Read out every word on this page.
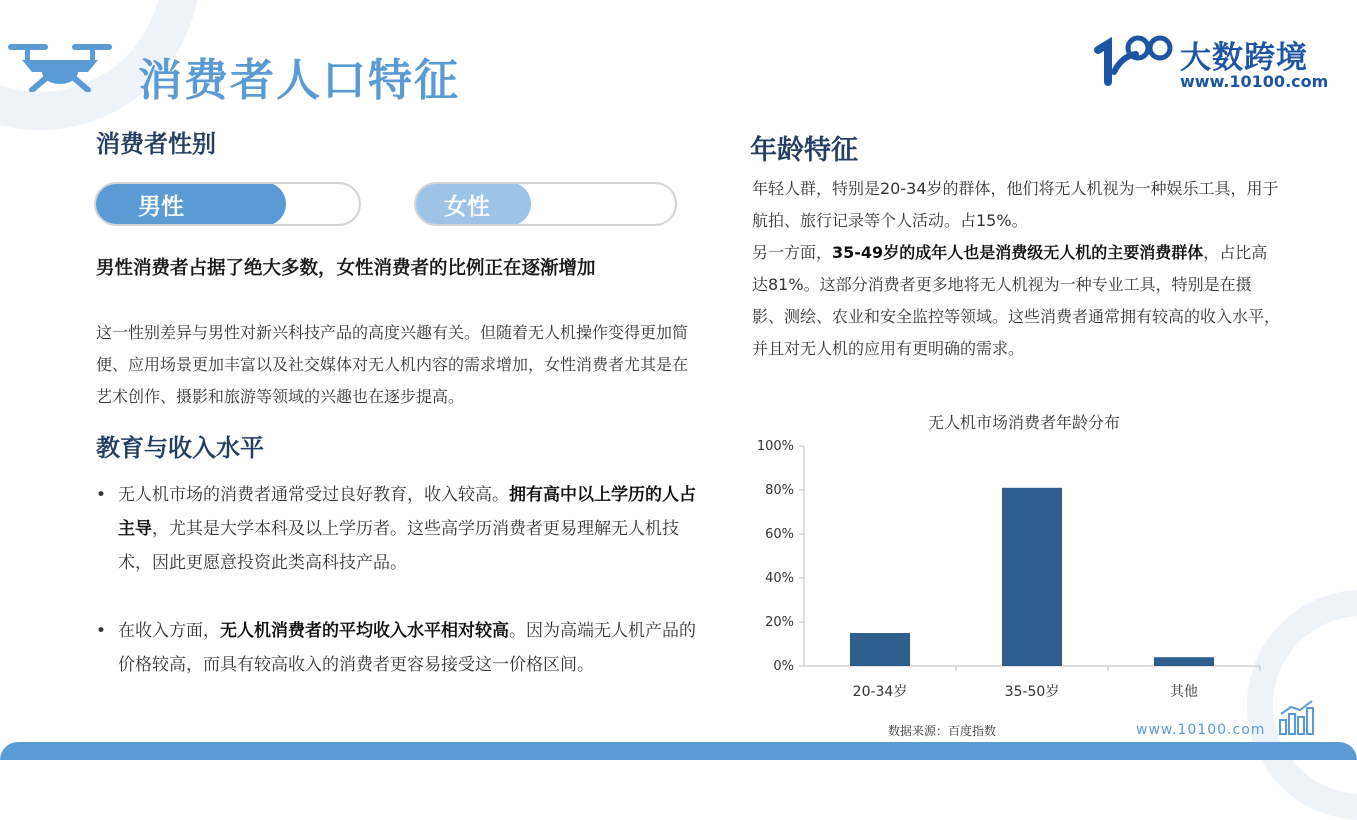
消费者人口特征	大数跨境
www.10100.com
消费者性别
男性	女性

男性消费者占据了绝大多数，女性消费者的比例正在逐渐增加

这一性别差异与男性对新兴科技产品的高度兴趣有关。但随着无人机操作变得更加简便、应用场景更加丰富以及社交媒体对无人机内容的需求增加，女性消费者尤其是在艺术创作、摄影和旅游等领域的兴趣也在逐步提高。

教育与收入水平
• 无人机市场的消费者通常受过良好教育，收入较高。拥有高中以上学历的人占主导，尤其是大学本科及以上学历者。这些高学历消费者更易理解无人机技术，因此更愿意投资此类高科技产品。
• 在收入方面，无人机消费者的平均收入水平相对较高。因为高端无人机产品的价格较高，而具有较高收入的消费者更容易接受这一价格区间。
年龄特征

年轻人群，特别是20-34岁的群体，他们将无人机视为一种娱乐工具，用于航拍、旅行记录等个人活动。占15%。

另一方面，35-49岁的成年人也是消费级无人机的主要消费群体，占比高达81%。这部分消费者更多地将无人机视为一种专业工具，特别是在摄影、测绘、农业和安全监控等领域。这些消费者通常拥有较高的收入水平，并且对无人机的应用有更明确的需求。

无人机市场消费者年龄分布
0%
20%
40%
60%
80%
100%
20-34岁	35-50岁	其他
数据来源：百度指数	www.10100.com
